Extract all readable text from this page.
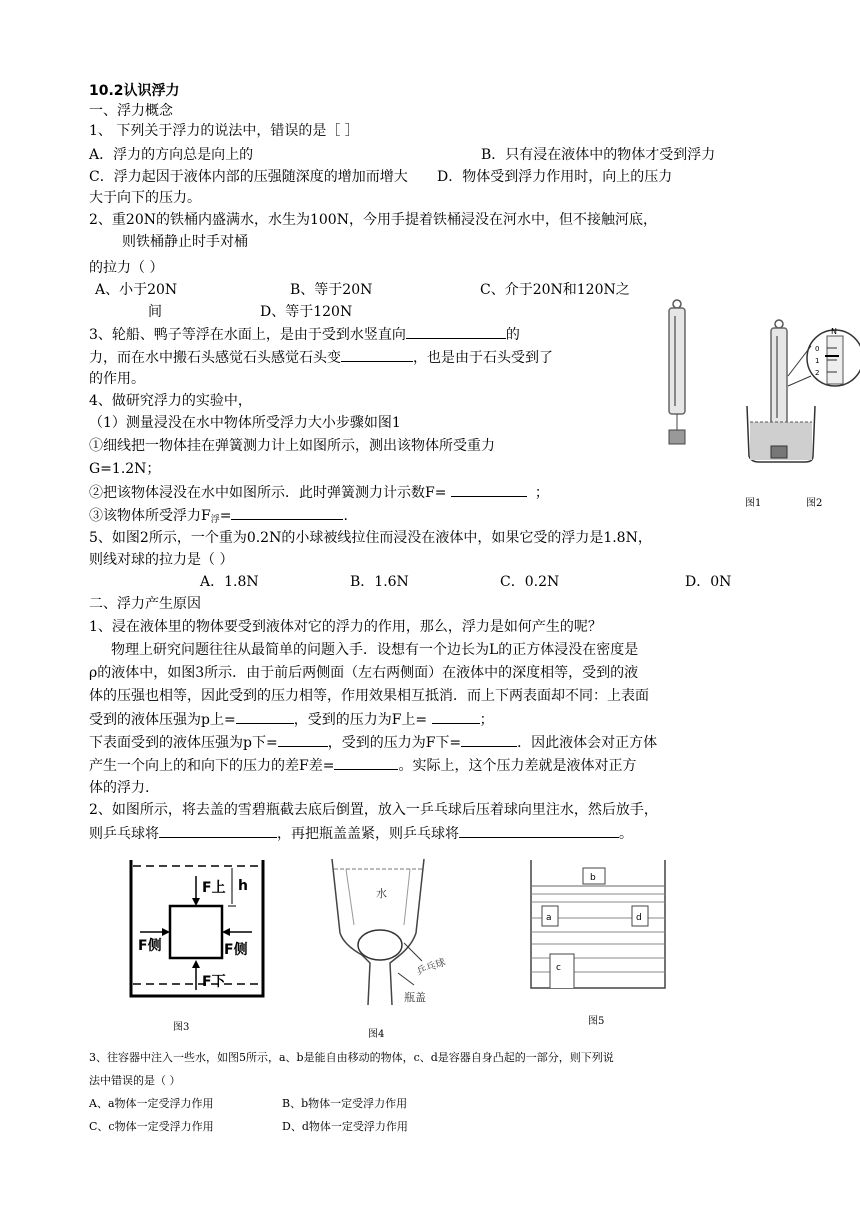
10.2认识浮力
一、浮力概念
1、 下列关于浮力的说法中，错误的是［ ］
A．浮力的方向总是向上的	B．只有浸在液体中的物体才受到浮力
C．浮力起因于液体内部的压强随深度的增加而增大 D．物体受到浮力作用时，向上的压力
大于向下的压力。
2、重20N的铁桶内盛满水，水生为100N，今用手提着铁桶浸没在河水中，但不接触河底，
则铁桶静止时手对桶
的拉力（ ）
A、小于20N	B、等于20N	C、介于20N和120N之
间	D、等于120N
3、轮船、鸭子等浮在水面上，是由于受到水竖直向	的
力，而在水中搬石头感觉石头感觉石头变	，也是由于石头受到了
的作用。
4、做研究浮力的实验中，
（1）测量浸没在水中物体所受浮力大小步骤如图1
①细线把一物体挂在弹簧测力计上如图所示，测出该物体所受重力
G=1.2N；
②把该物体浸没在水中如图所示．此时弹簧测力计示数F=	；
③该物体所受浮力$F_浮=$	.
5、如图2所示，一个重为0.2N的小球被线拉住而浸没在液体中，如果它受的浮力是1.8N，
则线对球的拉力是（ ）
A．1.8N	B．1.6N	C．0.2N	D．0N
N
0
1
2
图1	图2
二、浮力产生原因
1、浸在液体里的物体要受到液体对它的浮力的作用，那么，浮力是如何产生的呢？
物理上研究问题往往从最简单的问题入手．设想有一个边长为L的正方体浸没在密度是
ρ的液体中，如图3所示．由于前后两侧面（左右两侧面）在液体中的深度相等，受到的液
体的压强也相等，因此受到的压力相等，作用效果相互抵消．而上下两表面却不同：上表面
受到的液体压强为p上=	，受到的压力为F上=	；
下表面受到的液体压强为p下=	，受到的压力为F下=	．因此液体会对正方体
产生一个向上的和向下的压力的差F差=	。实际上，这个压力差就是液体对正方
体的浮力.
2、如图所示，将去盖的雪碧瓶截去底后倒置，放入一乒乓球后压着球向里注水，然后放手，
则乒乓球将	，再把瓶盖盖紧，则乒乓球将	。
h
F上
F侧	F侧
F下
图3
水
乒乓球
瓶盖
图4
b
a	d
c
图5
3、往容器中注入一些水，如图5所示，a、b是能自由移动的物体，c、d是容器自身凸起的一部分，则下列说
法中错误的是（ ）
A、a物体一定受浮力作用	B、b物体一定受浮力作用
C、c物体一定受浮力作用	D、d物体一定受浮力作用
